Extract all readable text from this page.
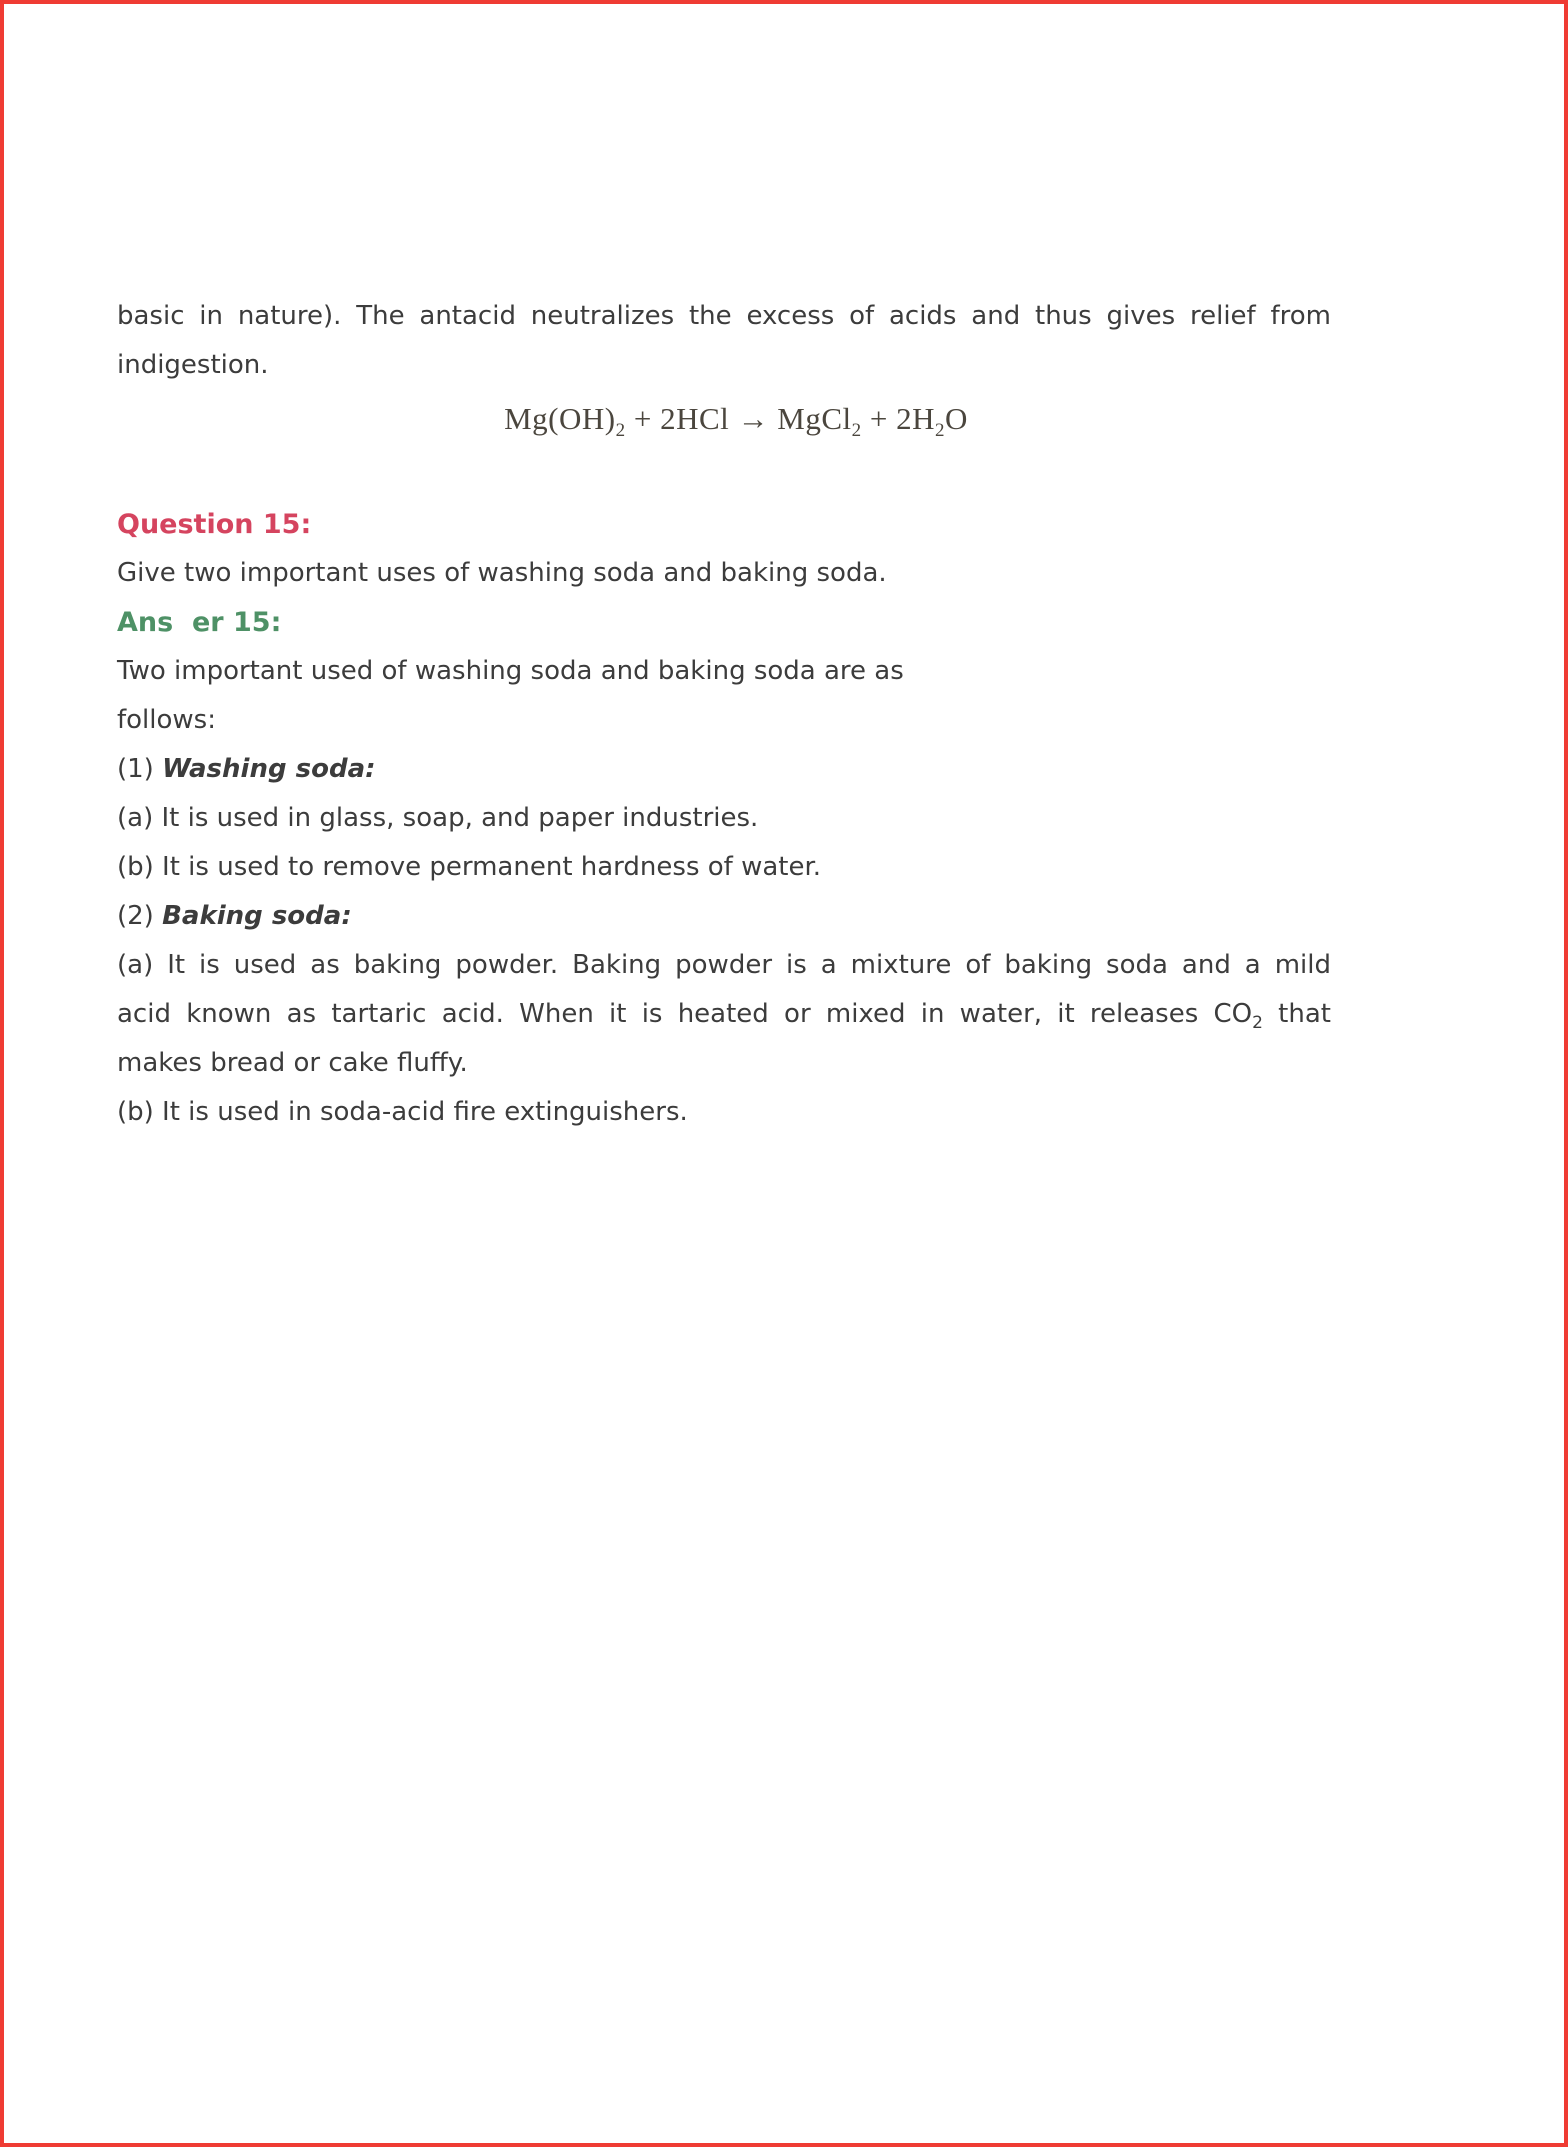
basic in nature). The antacid neutralizes the excess of acids and thus gives relief from
indigestion.
$Mg(OH)_2 + 2HCl$ → MgCl$_2$ + $2H_2O$
Question 15:
Give two important uses of washing soda and baking soda.
Ans  er 15:
Two important used of washing soda and baking soda are as
follows:
(1) Washing soda:
(a) It is used in glass, soap, and paper industries.
(b) It is used to remove permanent hardness of water.
(2) Baking soda:
(a) It is used as baking powder. Baking powder is a mixture of baking soda and a mild
acid known as tartaric acid. When it is heated or mixed in water, it releases $CO_2$ that
makes bread or cake fluffy.
(b) It is used in soda-acid fire extinguishers.
